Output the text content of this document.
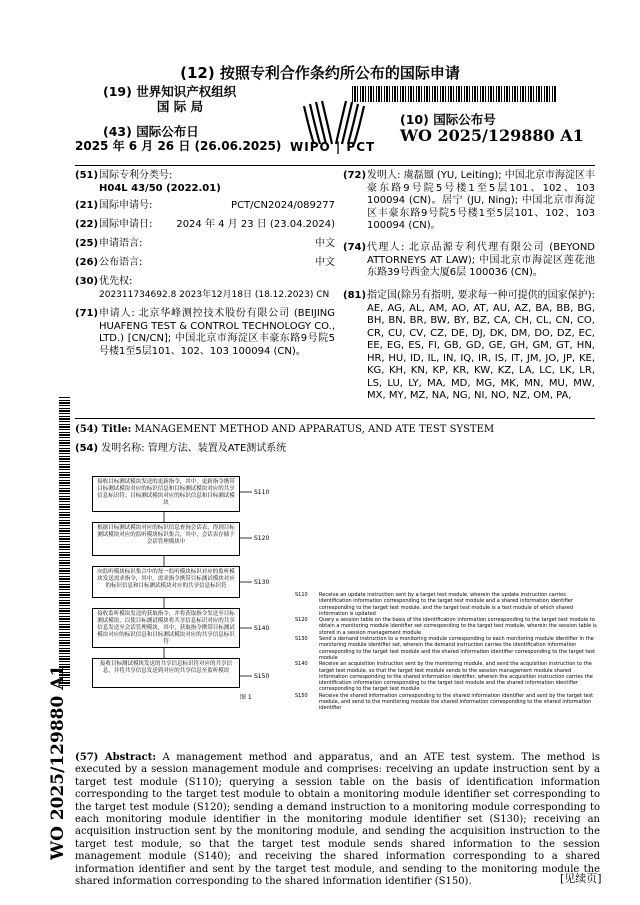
(12) 按照专利合作条约所公布的国际申请
(19) 世界知识产权组织
国 际 局
(43) 国际公布日
2025 年 6 月 26 日 (26.06.2025) WIPO | PCT
(10) 国际公布号
WO 2025/129880 A1
(51) 国际专利分类号:
H04L 43/50 (2022.01)
(21) 国际申请号:	PCT/CN2024/089277
(22) 国际申请日: 2024 年 4 月 23 日 (23.04.2024)
(25) 申请语言:	中文
(26) 公布语言:	中文
(30) 优先权:
202311734692.8 2023年12月18日 (18.12.2023) CN
(71) 申请人: 北京华峰测控技术股份有限公司 (BEIJING HUAFENG TEST & CONTROL TECHNOLOGY CO., LTD.) [CN/CN]; 中国北京市海淀区丰豪东路9号院5号楼1至5层101、102、103 100094 (CN)。
(72) 发明人: 虞磊颋 (YU, Leiting); 中国北京市海淀区丰豪东路9号院5号楼1至5层101、102、103 100094 (CN)。居宁 (JU, Ning); 中国北京市海淀区丰豪东路9号院5号楼1至5层101、102、103 100094 (CN)。
(74) 代理人: 北京品源专利代理有限公司 (BEYOND ATTORNEYS AT LAW); 中国北京市海淀区莲花池东路39号西金大厦6层 100036 (CN)。
(81) 指定国(除另有指明, 要求每一种可提供的国家保护): AE, AG, AL, AM, AO, AT, AU, AZ, BA, BB, BG, BH, BN, BR, BW, BY, BZ, CA, CH, CL, CN, CO, CR, CU, CV, CZ, DE, DJ, DK, DM, DO, DZ, EC, EE, EG, ES, FI, GB, GD, GE, GH, GM, GT, HN, HR, HU, ID, IL, IN, IQ, IR, IS, IT, JM, JO, JP, KE, KG, KH, KN, KP, KR, KW, KZ, LA, LC, LK, LR, LS, LU, LY, MA, MD, MG, MK, MN, MU, MW, MX, MY, MZ, NA, NG, NI, NO, NZ, OM, PA,
WO 2025/129880 A1
(54) Title: MANAGEMENT METHOD AND APPARATUS, AND ATE TEST SYSTEM
(54) 发明名称: 管理方法、装置及ATE测试系统
接收目标测试模块发送的更新指令，其中，更新指令携带目标测试模块对应的标识信息和目标测试模块对应的共享信息标识符；目标测试模块对应的标识信息和目标测试模块
S110
根据目标测试模块对应的标识信息查询会话表，得到目标测试模块对应的监听模块标识集合，其中，会话表存储于会话管理模块中	S120
向监听模块标识集合中的每一监听模块标识对应的监听模块发送需求指令，其中，需求指令携带目标测试模块对应的标识信息和目标测试模块对应的共享信息标识符	S130
接收监听模块发送的获取指令，并将获取指令发送至目标测试模块，以使目标测试模块将共享信息标识对应的共享信息发送至会话管理模块，其中，获取指令携带目标测试模块对应的标识信息和目标测试模块对应的共享信息标识符
S140
接收目标测试模块发送的共享信息标识符对应的共享信息，并将共享信息发送到对应的共享信息至监听模块
S150
图 1
S110	Receive an update instruction sent by a target test module, wherein the update instruction carries identification information corresponding to the target test module and a shared information identifier corresponding to the target test module, and the target test module is a test module of which shared information is updated
S120	Query a session table on the basis of the identification information corresponding to the target test module to obtain a monitoring module identifier set corresponding to the target test module, wherein the session table is stored in a session management module
S130	Send a demand instruction to a monitoring module corresponding to each monitoring module identifier in the monitoring module identifier set, wherein the demand instruction carries the identification information corresponding to the target test module and the shared information identifier corresponding to the target test module
S140	Receive an acquisition instruction sent by the monitoring module, and send the acquisition instruction to the target test module, so that the target test module sends to the session management module shared information corresponding to the shared information identifier, wherein the acquisition instruction carries the identification information corresponding to the target test module and the shared information identifier corresponding to the target test module
S150	Receive the shared information corresponding to the shared information identifier and sent by the target test module, and send to the monitoring module the shared information corresponding to the shared information identifier
(57) Abstract: A management method and apparatus, and an ATE test system. The method is executed by a session management module and comprises: receiving an update instruction sent by a target test module (S110); querying a session table on the basis of identification information corresponding to the target test module to obtain a monitoring module identifier set corresponding to the target test module (S120); sending a demand instruction to a monitoring module corresponding to each monitoring module identifier in the monitoring module identifier set (S130); receiving an acquisition instruction sent by the monitoring module, and sending the acquisition instruction to the target test module, so that the target test module sends shared information to the session management module (S140); and receiving the shared information corresponding to a shared information identifier and sent by the target test module, and sending to the monitoring module the shared information corresponding to the shared information identifier (S150).	[见续页]
